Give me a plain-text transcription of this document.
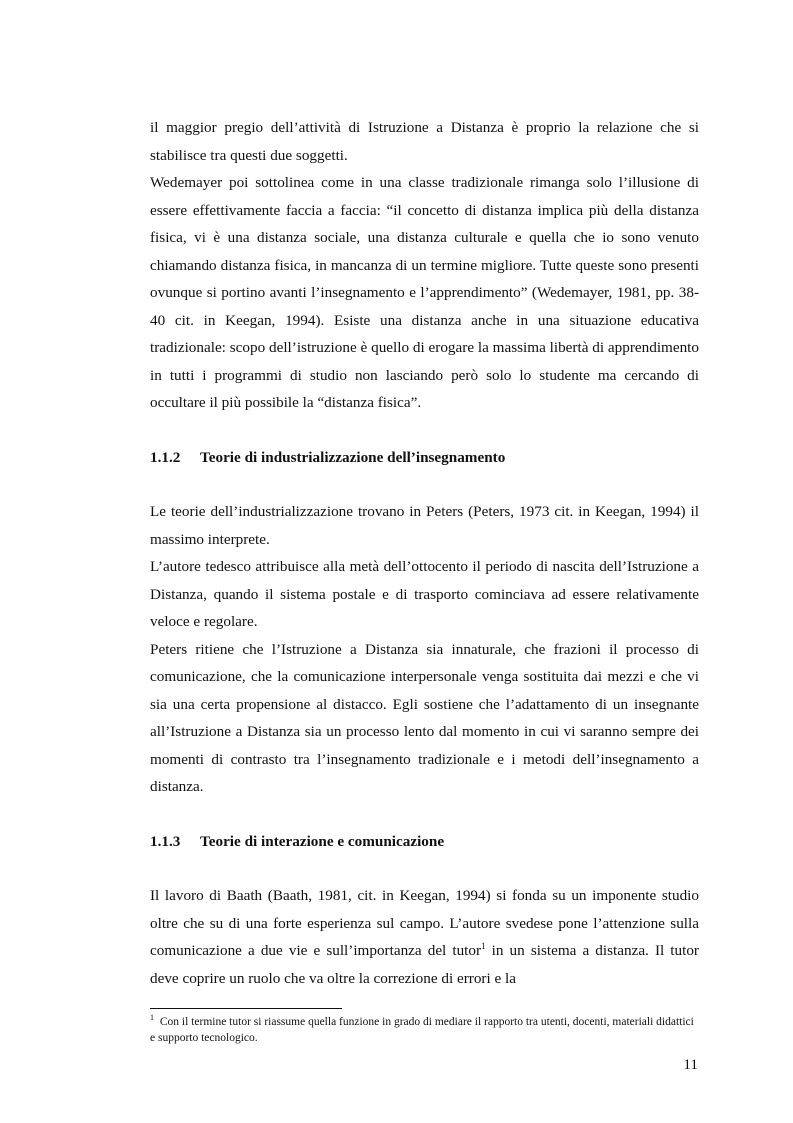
il maggior pregio dell’attività di Istruzione a Distanza è proprio la relazione che si stabilisce tra questi due soggetti.

Wedemayer poi sottolinea come in una classe tradizionale rimanga solo l’illusione di essere effettivamente faccia a faccia: “il concetto di distanza implica più della distanza fisica, vi è una distanza sociale, una distanza culturale e quella che io sono venuto chiamando distanza fisica, in mancanza di un termine migliore. Tutte queste sono presenti ovunque si portino avanti l’insegnamento e l’apprendimento” (Wedemayer, 1981, pp. 38-40 cit. in Keegan, 1994). Esiste una distanza anche in una situazione educativa tradizionale: scopo dell’istruzione è quello di erogare la massima libertà di apprendimento in tutti i programmi di studio non lasciando però solo lo studente ma cercando di occultare il più possibile la “distanza fisica”.

1.1.2 Teorie di industrializzazione dell’insegnamento

Le teorie dell’industrializzazione trovano in Peters (Peters, 1973 cit. in Keegan, 1994) il massimo interprete.

L’autore tedesco attribuisce alla metà dell’ottocento il periodo di nascita dell’Istruzione a Distanza, quando il sistema postale e di trasporto cominciava ad essere relativamente veloce e regolare.

Peters ritiene che l’Istruzione a Distanza sia innaturale, che frazioni il processo di comunicazione, che la comunicazione interpersonale venga sostituita dai mezzi e che vi sia una certa propensione al distacco. Egli sostiene che l’adattamento di un insegnante all’Istruzione a Distanza sia un processo lento dal momento in cui vi saranno sempre dei momenti di contrasto tra l’insegnamento tradizionale e i metodi dell’insegnamento a distanza.

1.1.3 Teorie di interazione e comunicazione

Il lavoro di Baath (Baath, 1981, cit. in Keegan, 1994) si fonda su un imponente studio oltre che su di una forte esperienza sul campo. L’autore svedese pone l’attenzione sulla comunicazione a due vie e sull’importanza del tutor$^1$ in un sistema a distanza. Il tutor deve coprire un ruolo che va oltre la correzione di errori e la

$^1$ Con il termine tutor si riassume quella funzione in grado di mediare il rapporto tra utenti, docenti, materiali didattici e supporto tecnologico.

11
